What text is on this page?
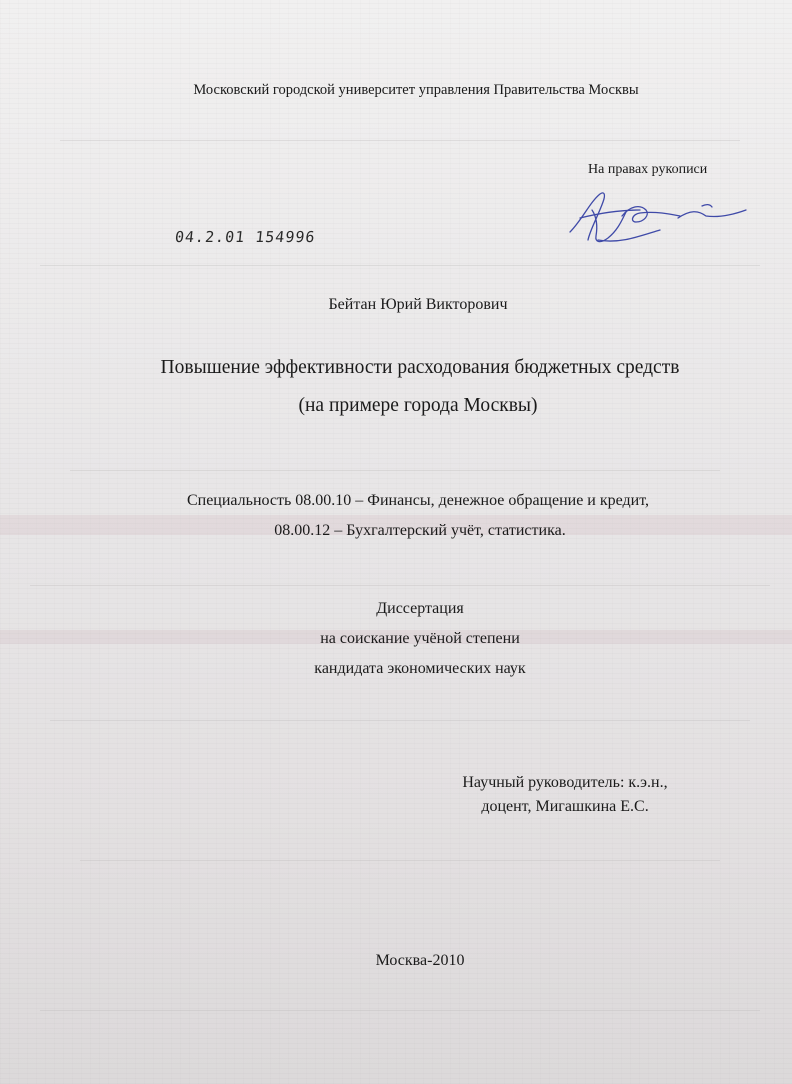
Московский городской университет управления Правительства Москвы
На правах рукописи
04.2.01 154996
Бейтан Юрий Викторович
Повышение эффективности расходования бюджетных средств
(на примере города Москвы)
Специальность 08.00.10 – Финансы, денежное обращение и кредит,
08.00.12 – Бухгалтерский учёт, статистика.
Диссертация
на соискание учёной степени
кандидата экономических наук
Научный руководитель: к.э.н.,
доцент, Мигашкина Е.С.
Москва-2010
